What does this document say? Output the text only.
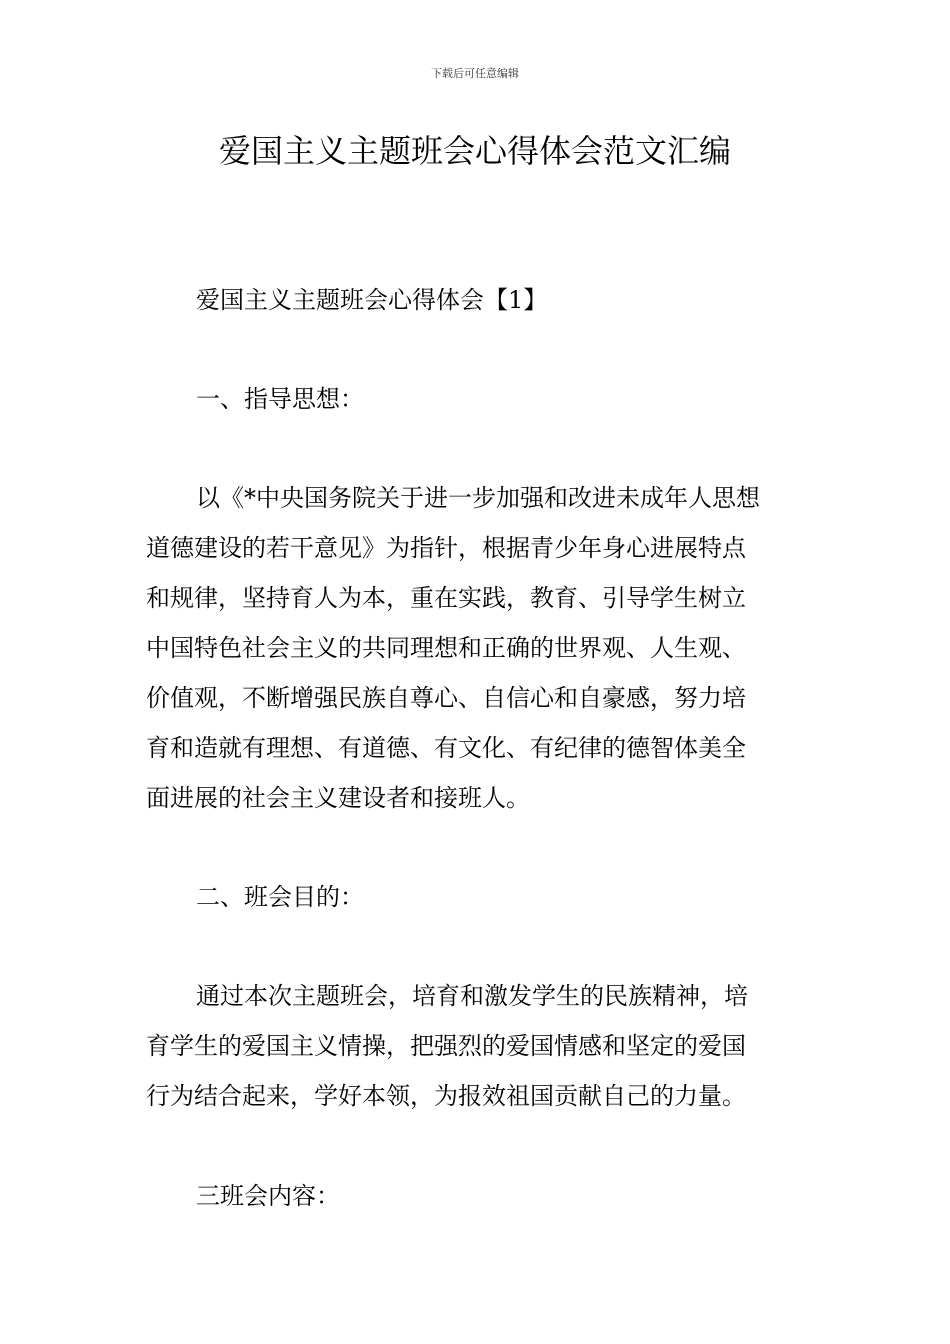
下载后可任意编辑
爱国主义主题班会心得体会范文汇编
爱国主义主题班会心得体会【1】
一、指导思想：
以《*中央国务院关于进一步加强和改进未成年人思想
道德建设的若干意见》为指针，根据青少年身心进展特点
和规律，坚持育人为本，重在实践，教育、引导学生树立
中国特色社会主义的共同理想和正确的世界观、人生观、
价值观，不断增强民族自尊心、自信心和自豪感，努力培
育和造就有理想、有道德、有文化、有纪律的德智体美全
面进展的社会主义建设者和接班人。
二、班会目的：
通过本次主题班会，培育和激发学生的民族精神，培
育学生的爱国主义情操，把强烈的爱国情感和坚定的爱国
行为结合起来，学好本领，为报效祖国贡献自己的力量。
三班会内容：
